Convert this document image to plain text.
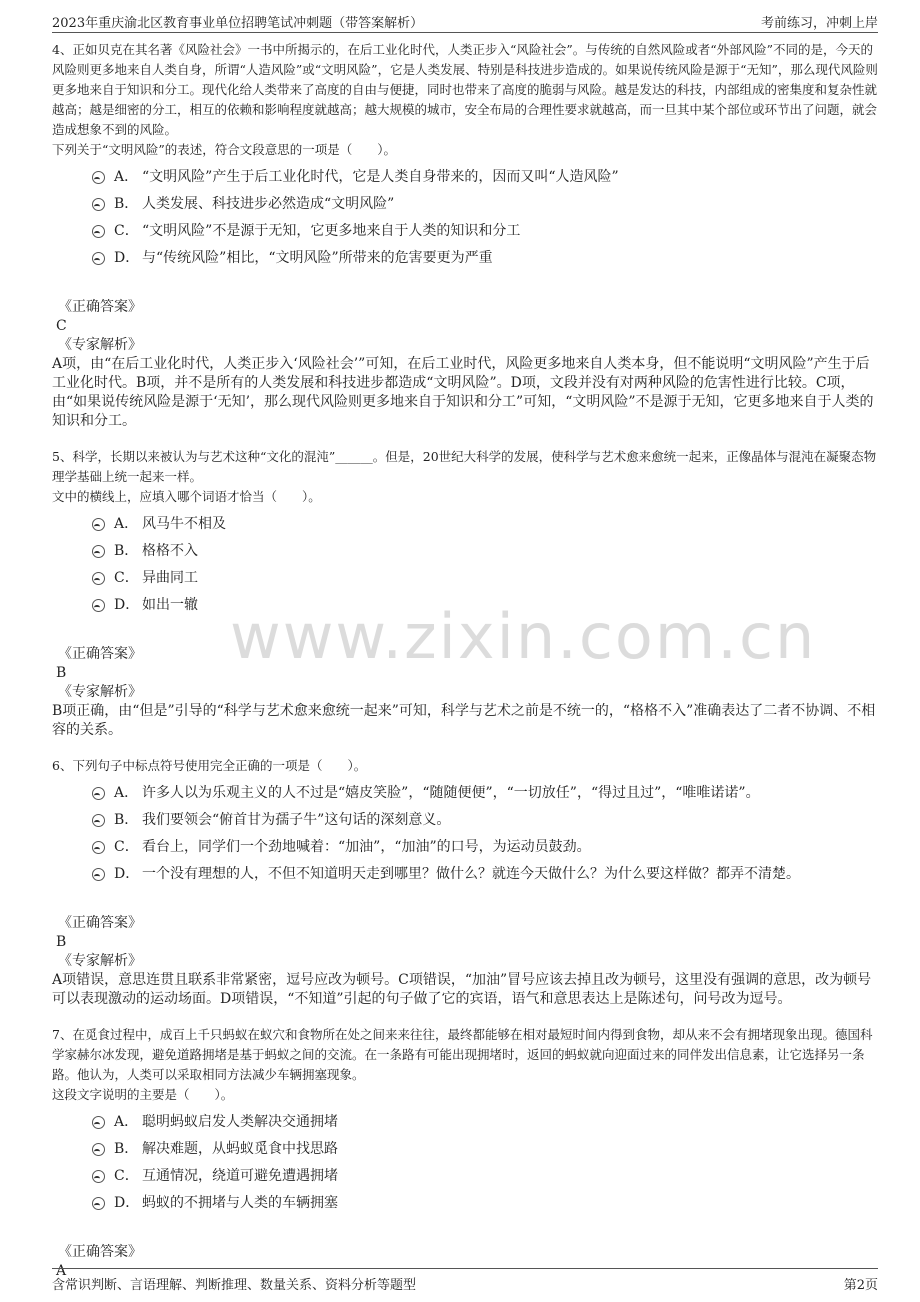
2023年重庆渝北区教育事业单位招聘笔试冲刺题（带答案解析）	考前练习，冲刺上岸
www.zixin.com.cn

4、正如贝克在其名著《风险社会》一书中所揭示的，在后工业化时代，人类正步入“风险社会”。与传统的自然风险或者“外部风险”不同的是，今天的风险则更多地来自人类自身，所谓“人造风险”或“文明风险”，它是人类发展、特别是科技进步造成的。如果说传统风险是源于“无知”，那么现代风险则更多地来自于知识和分工。现代化给人类带来了高度的自由与便捷，同时也带来了高度的脆弱与风险。越是发达的科技，内部组成的密集度和复杂性就越高；越是细密的分工，相互的依赖和影响程度就越高；越大规模的城市，安全布局的合理性要求就越高，而一旦其中某个部位或环节出了问题，就会造成想象不到的风险。

下列关于“文明风险”的表述，符合文段意思的一项是（　　）。

A． “文明风险”产生于后工业化时代，它是人类自身带来的，因而又叫“人造风险”
B． 人类发展、科技进步必然造成“文明风险”
C． “文明风险”不是源于无知，它更多地来自于人类的知识和分工
D． 与“传统风险”相比，“文明风险”所带来的危害要更为严重
《正确答案》
C
《专家解析》

A项，由“在后工业化时代，人类正步入‘风险社会’”可知，在后工业时代，风险更多地来自人类本身，但不能说明“文明风险”产生于后工业化时代。B项，并不是所有的人类发展和科技进步都造成“文明风险”。D项，文段并没有对两种风险的危害性进行比较。C项，由“如果说传统风险是源于‘无知’，那么现代风险则更多地来自于知识和分工”可知，“文明风险”不是源于无知，它更多地来自于人类的知识和分工。

5、科学，长期以来被认为与艺术这种“文化的混沌”______。但是，20世纪大科学的发展，使科学与艺术愈来愈统一起来，正像晶体与混沌在凝聚态物理学基础上统一起来一样。

文中的横线上，应填入哪个词语才恰当（　　）。

A． 风马牛不相及
B． 格格不入
C． 异曲同工
D． 如出一辙
《正确答案》
B
《专家解析》

B项正确，由“但是”引导的“科学与艺术愈来愈统一起来”可知，科学与艺术之前是不统一的，“格格不入”准确表达了二者不协调、不相容的关系。

6、下列句子中标点符号使用完全正确的一项是（　　）。

A． 许多人以为乐观主义的人不过是“嬉皮笑脸”，“随随便便”，“一切放任”，“得过且过”，“唯唯诺诺”。
B． 我们要领会“俯首甘为孺子牛”这句话的深刻意义。
C． 看台上，同学们一个劲地喊着：“加油”，“加油”的口号，为运动员鼓劲。
D． 一个没有理想的人，不但不知道明天走到哪里？做什么？就连今天做什么？为什么要这样做？都弄不清楚。
《正确答案》
B
《专家解析》

A项错误，意思连贯且联系非常紧密，逗号应改为顿号。C项错误，“加油”冒号应该去掉且改为顿号，这里没有强调的意思，改为顿号可以表现激动的运动场面。D项错误，“不知道”引起的句子做了它的宾语，语气和意思表达上是陈述句，问号改为逗号。

7、在觅食过程中，成百上千只蚂蚁在蚁穴和食物所在处之间来来往往，最终都能够在相对最短时间内得到食物，却从来不会有拥堵现象出现。德国科学家赫尔冰发现，避免道路拥堵是基于蚂蚁之间的交流。在一条路有可能出现拥堵时，返回的蚂蚁就向迎面过来的同伴发出信息素，让它选择另一条路。他认为，人类可以采取相同方法减少车辆拥塞现象。

这段文字说明的主要是（　　）。

A． 聪明蚂蚁启发人类解决交通拥堵
B． 解决难题，从蚂蚁觅食中找思路
C． 互通情况，绕道可避免遭遇拥堵
D． 蚂蚁的不拥堵与人类的车辆拥塞
《正确答案》
A
含常识判断、言语理解、判断推理、数量关系、资料分析等题型	第2页
